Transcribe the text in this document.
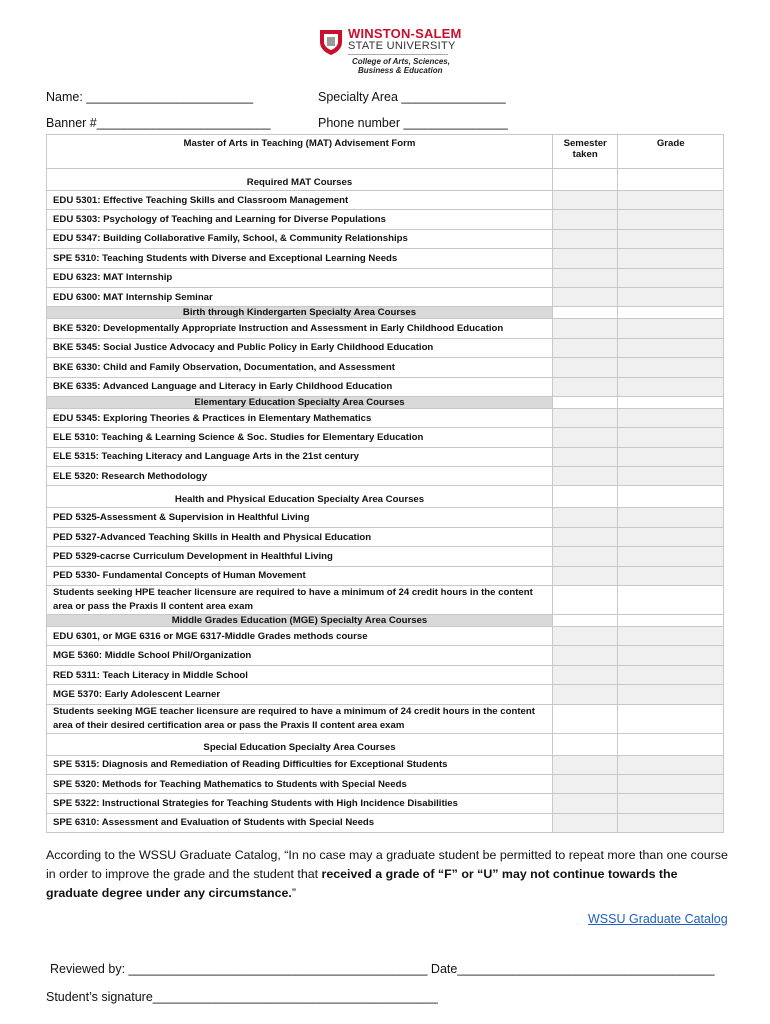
WINSTON-SALEM
STATE UNIVERSITY
College of Arts, Sciences,
Business & Education
Name: ________________________	Specialty Area _______________
Banner #_________________________	Phone number _______________
Master of Arts in Teaching (MAT) Advisement Form	Semester taken	Grade
Required MAT Courses		
EDU 5301: Effective Teaching Skills and Classroom Management		
EDU 5303: Psychology of Teaching and Learning for Diverse Populations		
EDU 5347: Building Collaborative Family, School, & Community Relationships		
SPE 5310: Teaching Students with Diverse and Exceptional Learning Needs		
EDU 6323: MAT Internship		
EDU 6300: MAT Internship Seminar		
Birth through Kindergarten Specialty Area Courses		
BKE 5320: Developmentally Appropriate Instruction and Assessment in Early Childhood Education		
BKE 5345: Social Justice Advocacy and Public Policy in Early Childhood Education		
BKE 6330: Child and Family Observation, Documentation, and Assessment		
BKE 6335: Advanced Language and Literacy in Early Childhood Education		
Elementary Education Specialty Area Courses		
EDU 5345: Exploring Theories & Practices in Elementary Mathematics		
ELE 5310: Teaching & Learning Science & Soc. Studies for Elementary Education		
ELE 5315: Teaching Literacy and Language Arts in the 21st century		
ELE 5320: Research Methodology		
Health and Physical Education Specialty Area Courses		
PED 5325-Assessment & Supervision in Healthful Living		
PED 5327-Advanced Teaching Skills in Health and Physical Education		
PED 5329-cacrse Curriculum Development in Healthful Living		
PED 5330- Fundamental Concepts of Human Movement		
Students seeking HPE teacher licensure are required to have a minimum of 24 credit hours in the content area or pass the Praxis II content area exam		
Middle Grades Education (MGE) Specialty Area Courses		
EDU 6301, or MGE 6316 or MGE 6317-Middle Grades methods course		
MGE 5360: Middle School Phil/Organization		
RED 5311: Teach Literacy in Middle School		
MGE 5370: Early Adolescent Learner		
Students seeking MGE teacher licensure are required to have a minimum of 24 credit hours in the content area of their desired certification area or pass the Praxis II content area exam		
Special Education Specialty Area Courses		
SPE 5315: Diagnosis and Remediation of Reading Difficulties for Exceptional Students		
SPE 5320: Methods for Teaching Mathematics to Students with Special Needs		
SPE 5322: Instructional Strategies for Teaching Students with High Incidence Disabilities		
SPE 6310: Assessment and Evaluation of Students with Special Needs		
According to the WSSU Graduate Catalog, “In no case may a graduate student be permitted to repeat more than one course in order to improve the grade and the student that received a grade of “F” or “U” may not continue towards the graduate degree under any circumstance.”
WSSU Graduate Catalog
Reviewed by: ___________________________________________ Date_____________________________________
Student’s signature_________________________________________
